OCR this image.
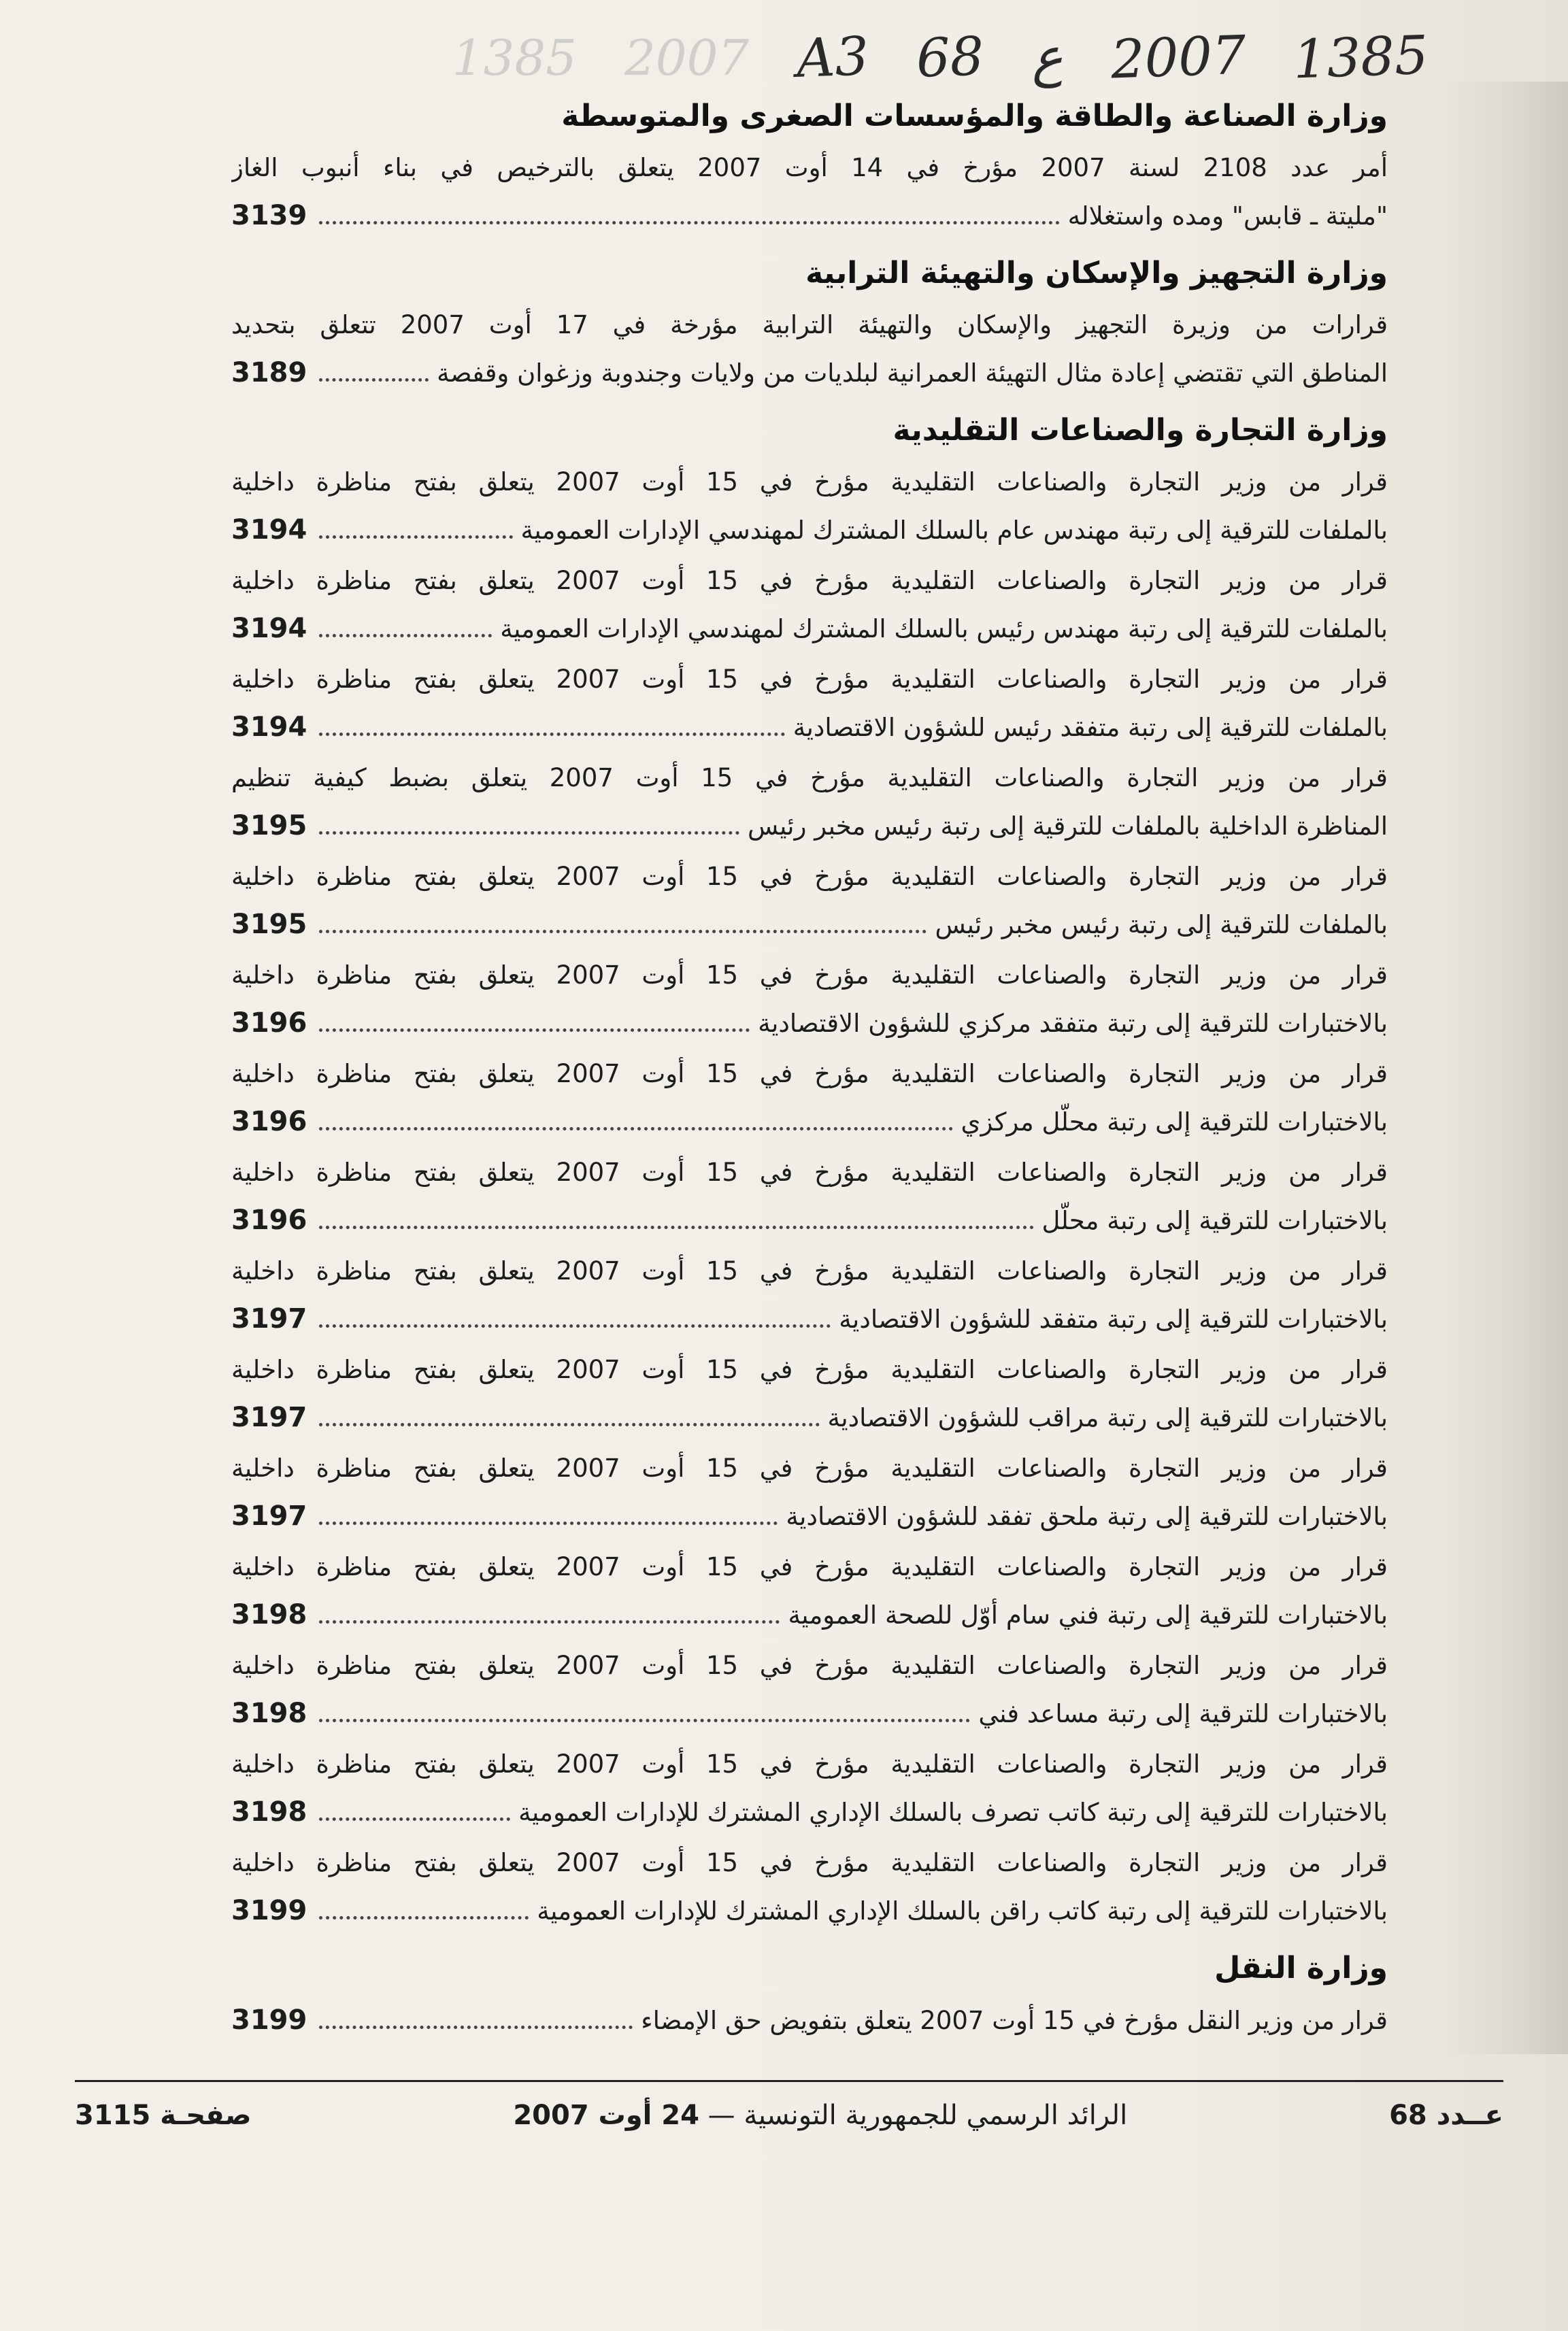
1385 2007 A3 68 ع 2007 1385
وزارة الصناعة والطاقة والمؤسسات الصغرى والمتوسطة
أمر عدد 2108 لسنة 2007 مؤرخ في 14 أوت 2007 يتعلق بالترخيص في بناء أنبوب الغاز
"مليتة ـ قابس" ومده واستغلاله
3139
وزارة التجهيز والإسكان والتهيئة الترابية
قرارات من وزيرة التجهيز والإسكان والتهيئة الترابية مؤرخة في 17 أوت 2007 تتعلق بتحديد
المناطق التي تقتضي إعادة مثال التهيئة العمرانية لبلديات من ولايات وجندوبة وزغوان وقفصة
3189
وزارة التجارة والصناعات التقليدية
قرار من وزير التجارة والصناعات التقليدية مؤرخ في 15 أوت 2007 يتعلق بفتح مناظرة داخلية
بالملفات للترقية إلى رتبة مهندس عام بالسلك المشترك لمهندسي الإدارات العمومية
3194
قرار من وزير التجارة والصناعات التقليدية مؤرخ في 15 أوت 2007 يتعلق بفتح مناظرة داخلية
بالملفات للترقية إلى رتبة مهندس رئيس بالسلك المشترك لمهندسي الإدارات العمومية
3194
قرار من وزير التجارة والصناعات التقليدية مؤرخ في 15 أوت 2007 يتعلق بفتح مناظرة داخلية
بالملفات للترقية إلى رتبة متفقد رئيس للشؤون الاقتصادية
3194
قرار من وزير التجارة والصناعات التقليدية مؤرخ في 15 أوت 2007 يتعلق بضبط كيفية تنظيم
المناظرة الداخلية بالملفات للترقية إلى رتبة رئيس مخبر رئيس
3195
قرار من وزير التجارة والصناعات التقليدية مؤرخ في 15 أوت 2007 يتعلق بفتح مناظرة داخلية
بالملفات للترقية إلى رتبة رئيس مخبر رئيس
3195
قرار من وزير التجارة والصناعات التقليدية مؤرخ في 15 أوت 2007 يتعلق بفتح مناظرة داخلية
بالاختبارات للترقية إلى رتبة متفقد مركزي للشؤون الاقتصادية
3196
قرار من وزير التجارة والصناعات التقليدية مؤرخ في 15 أوت 2007 يتعلق بفتح مناظرة داخلية
بالاختبارات للترقية إلى رتبة محلّل مركزي
3196
قرار من وزير التجارة والصناعات التقليدية مؤرخ في 15 أوت 2007 يتعلق بفتح مناظرة داخلية
بالاختبارات للترقية إلى رتبة محلّل
3196
قرار من وزير التجارة والصناعات التقليدية مؤرخ في 15 أوت 2007 يتعلق بفتح مناظرة داخلية
بالاختبارات للترقية إلى رتبة متفقد للشؤون الاقتصادية
3197
قرار من وزير التجارة والصناعات التقليدية مؤرخ في 15 أوت 2007 يتعلق بفتح مناظرة داخلية
بالاختبارات للترقية إلى رتبة مراقب للشؤون الاقتصادية
3197
قرار من وزير التجارة والصناعات التقليدية مؤرخ في 15 أوت 2007 يتعلق بفتح مناظرة داخلية
بالاختبارات للترقية إلى رتبة ملحق تفقد للشؤون الاقتصادية
3197
قرار من وزير التجارة والصناعات التقليدية مؤرخ في 15 أوت 2007 يتعلق بفتح مناظرة داخلية
بالاختبارات للترقية إلى رتبة فني سام أوّل للصحة العمومية
3198
قرار من وزير التجارة والصناعات التقليدية مؤرخ في 15 أوت 2007 يتعلق بفتح مناظرة داخلية
بالاختبارات للترقية إلى رتبة مساعد فني
3198
قرار من وزير التجارة والصناعات التقليدية مؤرخ في 15 أوت 2007 يتعلق بفتح مناظرة داخلية
بالاختبارات للترقية إلى رتبة كاتب تصرف بالسلك الإداري المشترك للإدارات العمومية
3198
قرار من وزير التجارة والصناعات التقليدية مؤرخ في 15 أوت 2007 يتعلق بفتح مناظرة داخلية
بالاختبارات للترقية إلى رتبة كاتب راقن بالسلك الإداري المشترك للإدارات العمومية
3199
وزارة النقل
قرار من وزير النقل مؤرخ في 15 أوت 2007 يتعلق بتفويض حق الإمضاء
3199
عــدد 68
الرائد الرسمي للجمهورية التونسية — 24 أوت 2007
صفحـة 3115
